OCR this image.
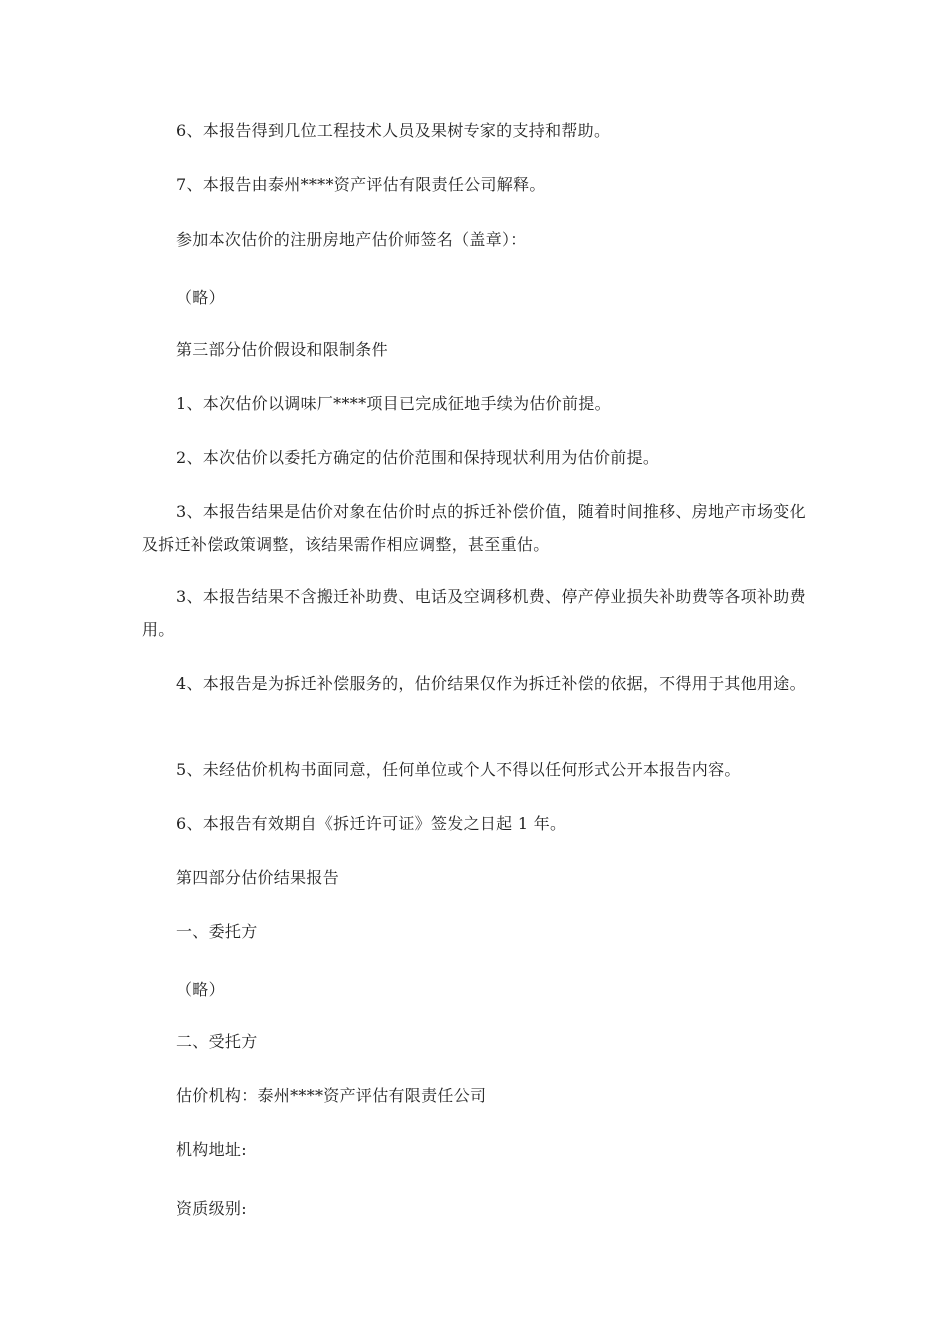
6、本报告得到几位工程技术人员及果树专家的支持和帮助。

7、本报告由泰州****资产评估有限责任公司解释。

参加本次估价的注册房地产估价师签名（盖章）：

（略）

第三部分估价假设和限制条件

1、本次估价以调味厂****项目已完成征地手续为估价前提。

2、本次估价以委托方确定的估价范围和保持现状利用为估价前提。

3、本报告结果是估价对象在估价时点的拆迁补偿价值，随着时间推移、房地产市场变化及拆迁补偿政策调整，该结果需作相应调整，甚至重估。

3、本报告结果不含搬迁补助费、电话及空调移机费、停产停业损失补助费等各项补助费用。

4、本报告是为拆迁补偿服务的，估价结果仅作为拆迁补偿的依据，不得用于其他用途。

5、未经估价机构书面同意，任何单位或个人不得以任何形式公开本报告内容。

6、本报告有效期自《拆迁许可证》签发之日起 1 年。

第四部分估价结果报告

一、委托方

（略）

二、受托方

估价机构：泰州****资产评估有限责任公司

机构地址:

资质级别:
